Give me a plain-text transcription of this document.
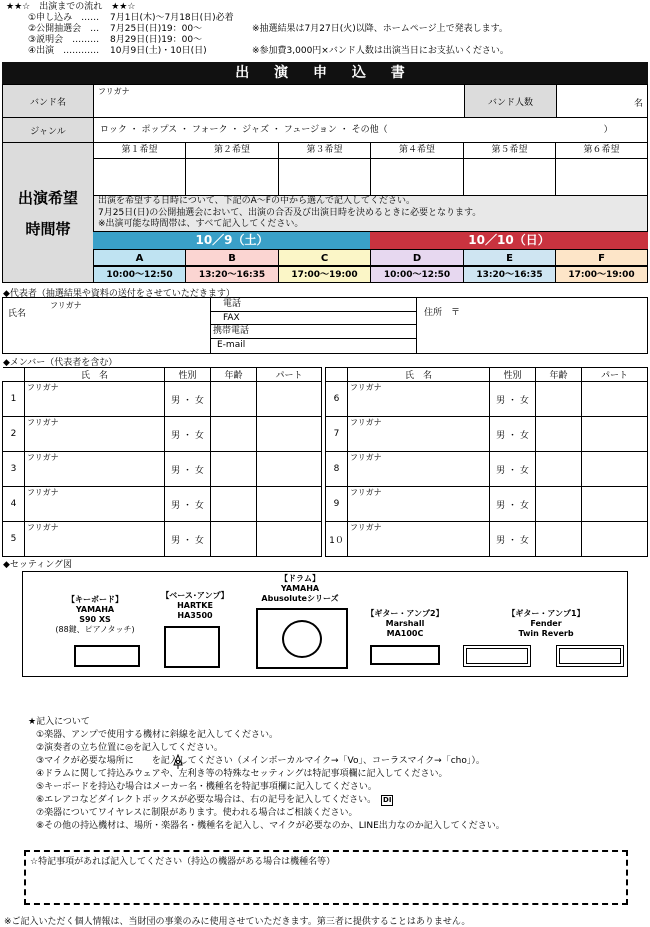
★★☆　出演までの流れ　★★☆
①申し込み　……	7月1日(木)〜7月18日(日)必着
②公開抽選会　…	7月25日(日)19：00〜	※抽選結果は7月27日(火)以降、ホームページ上で発表します。
③説明会　………	8月29日(日)19：00〜
④出演　…………	10月9日(土)・10日(日)	※参加費3,000円×バンド人数は出演当日にお支払いください。
出 演 申 込 書
バンド名
フリガナ
バンド人数	名
ジャンル	ロック ・ ポップス ・ フォーク ・ ジャズ ・ フュージョン ・ その他（　　　　　　　　　　　　　　　　　　　　　　　　）
出演希望
時間帯
第１希望	第２希望	第３希望	第４希望	第５希望	第６希望
出演を希望する日時について、下記のA〜Fの中から選んで記入してください。
7月25日(日)の公開抽選会において、出演の合否及び出演日時を決めるときに必要となります。
※出演可能な時間帯は、すべて記入してください。
10／9（土）	10／10（日）
A	B	C	D	E	F
10:00〜12:50	13:20〜16:35	17:00〜19:00	10:00〜12:50	13:20〜16:35	17:00〜19:00
◆代表者（抽選結果や資料の送付をさせていただきます）
氏名
フリガナ	電話
FAX
携帯電話
E-mail
住所　〒
◆メンバー（代表者を含む）
	氏　名	性別	年齢	パート
1	フリガナ	男 ・ 女		
2	フリガナ	男 ・ 女		
3	フリガナ	男 ・ 女		
4	フリガナ	男 ・ 女		
5	フリガナ	男 ・ 女		
	氏　名	性別	年齢	パート
6	フリガナ	男 ・ 女		
7	フリガナ	男 ・ 女		
8	フリガナ	男 ・ 女		
9	フリガナ	男 ・ 女		
1０	フリガナ	男 ・ 女		
◆セッティング図
【キーボード】
YAMAHA
S90 XS
(88鍵、ピアノタッチ)
【ベース･アンプ】
HARTKE
HA3500
【ドラム】
YAMAHA
Abusoluteシリーズ
【ギター・アンプ2】
Marshall
MA100C
【ギター・アンプ1】
Fender
Twin Reverb
★記入について
①楽器、アンプで使用する機材に斜線を記入してください。
②演奏者の立ち位置に◎を記入してください。
③マイクが必要な場所に　　を記入してください（メインボーカルマイク→「Vo」、コーラスマイク→「cho」）。
④ドラムに関して持込みウェアや、左利き等の特殊なセッティングは特記事項欄に記入してください。
⑤キーボードを持込む場合はメーカー名・機種名を特記事項欄に記入してください。
⑥エレアコなどダイレクトボックスが必要な場合は、右の記号を記入してください。 DI
⑦楽器についてワイヤレスに制限があります。使われる場合はご相談ください。
⑧その他の持込機材は、場所・楽器名・機種名を記入し、マイクが必要なのか、LINE出力なのか記入してください。
☆特記事項があれば記入してください（持込の機器がある場合は機種名等）
※ご記入いただく個人情報は、当財団の事業のみに使用させていただきます。第三者に提供することはありません。
